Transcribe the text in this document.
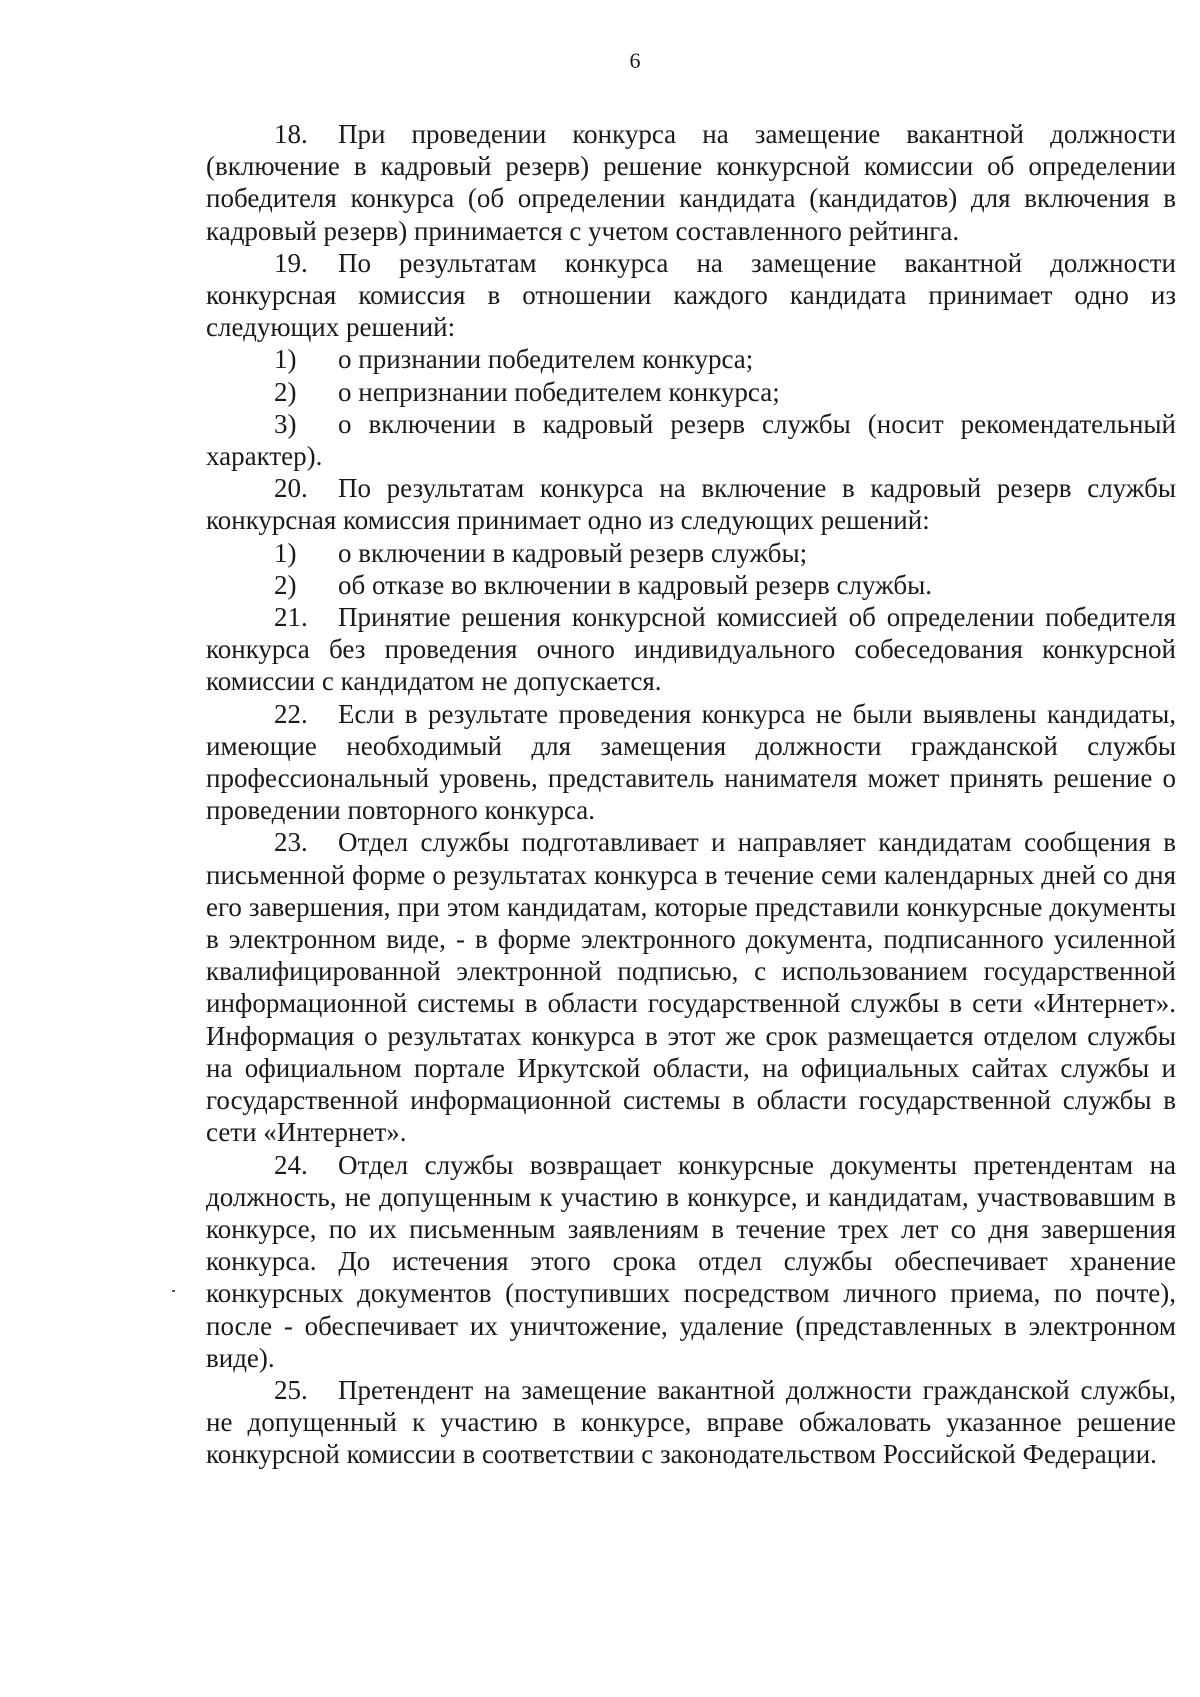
6

18. При проведении конкурса на замещение вакантной должности (включение в кадровый резерв) решение конкурсной комиссии об определении победителя конкурса (об определении кандидата (кандидатов) для включения в кадровый резерв) принимается с учетом составленного рейтинга.

19. По результатам конкурса на замещение вакантной должности конкурсная комиссия в отношении каждого кандидата принимает одно из следующих решений:

1) о признании победителем конкурса;

2) о непризнании победителем конкурса;

3) о включении в кадровый резерв службы (носит рекомендательный характер).

20. По результатам конкурса на включение в кадровый резерв службы конкурсная комиссия принимает одно из следующих решений:

1) о включении в кадровый резерв службы;

2) об отказе во включении в кадровый резерв службы.

21. Принятие решения конкурсной комиссией об определении победителя конкурса без проведения очного индивидуального собеседования конкурсной комиссии с кандидатом не допускается.

22. Если в результате проведения конкурса не были выявлены кандидаты, имеющие необходимый для замещения должности гражданской службы профессиональный уровень, представитель нанимателя может принять решение о проведении повторного конкурса.

23. Отдел службы подготавливает и направляет кандидатам сообщения в письменной форме о результатах конкурса в течение семи календарных дней со дня его завершения, при этом кандидатам, которые представили конкурсные документы в электронном виде, - в форме электронного документа, подписанного усиленной квалифицированной электронной подписью, с использованием государственной информационной системы в области государственной службы в сети «Интернет». Информация о результатах конкурса в этот же срок размещается отделом службы на официальном портале Иркутской области, на официальных сайтах службы и государственной информационной системы в области государственной службы в сети «Интернет».

24. Отдел службы возвращает конкурсные документы претендентам на должность, не допущенным к участию в конкурсе, и кандидатам, участвовавшим в конкурсе, по их письменным заявлениям в течение трех лет со дня завершения конкурса. До истечения этого срока отдел службы обеспечивает хранение конкурсных документов (поступивших посредством личного приема, по почте), после - обеспечивает их уничтожение, удаление (представленных в электронном виде).

25. Претендент на замещение вакантной должности гражданской службы, не допущенный к участию в конкурсе, вправе обжаловать указанное решение конкурсной комиссии в соответствии с законодательством Российской Федерации.
